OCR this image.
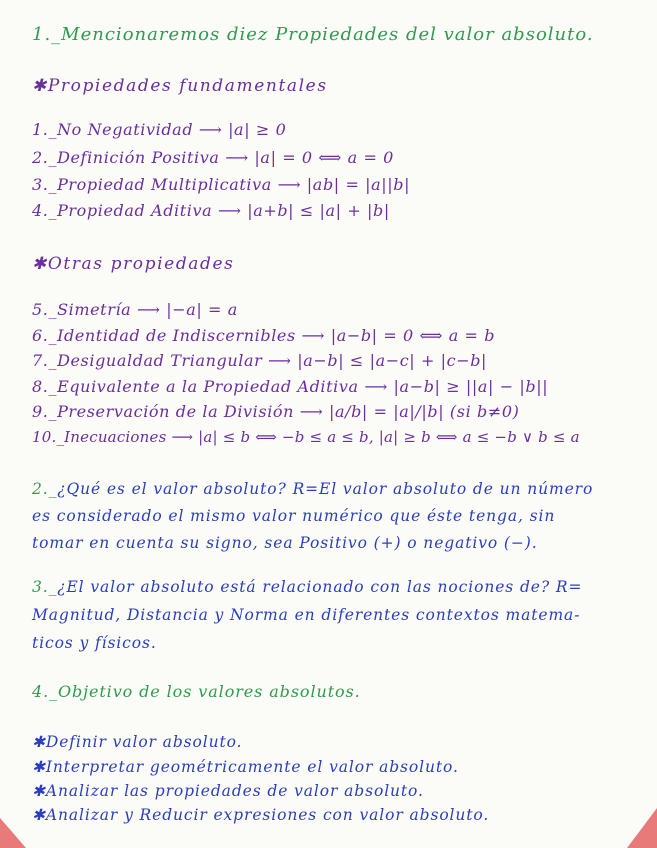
1._Mencionaremos diez Propiedades del valor absoluto.
✱Propiedades fundamentales
1._No Negatividad ⟶ |a| ≥ 0
2._Definición Positiva ⟶ |a| = 0 ⟺ a = 0
3._Propiedad Multiplicativa ⟶ |ab| = |a||b|
4._Propiedad Aditiva ⟶ |a+b| ≤ |a| + |b|
✱Otras propiedades
5._Simetría ⟶ |−a| = a
6._Identidad de Indiscernibles ⟶ |a−b| = 0 ⟺ a = b
7._Desigualdad Triangular ⟶ |a−b| ≤ |a−c| + |c−b|
8._Equivalente a la Propiedad Aditiva ⟶ |a−b| ≥ ||a| − |b||
9._Preservación de la División ⟶ |a/b| = |a|/|b| (si b≠0)
10._Inecuaciones ⟶ |a| ≤ b ⟺ −b ≤ a ≤ b, |a| ≥ b ⟺ a ≤ −b ∨ b ≤ a
2._¿Qué es el valor absoluto? R=El valor absoluto de un número
es considerado el mismo valor numérico que éste tenga, sin
tomar en cuenta su signo, sea Positivo (+) o negativo (−).
3._¿El valor absoluto está relacionado con las nociones de? R=
Magnitud, Distancia y Norma en diferentes contextos matema-
ticos y físicos.
4._Objetivo de los valores absolutos.
✱Definir valor absoluto.
✱Interpretar geométricamente el valor absoluto.
✱Analizar las propiedades de valor absoluto.
✱Analizar y Reducir expresiones con valor absoluto.
